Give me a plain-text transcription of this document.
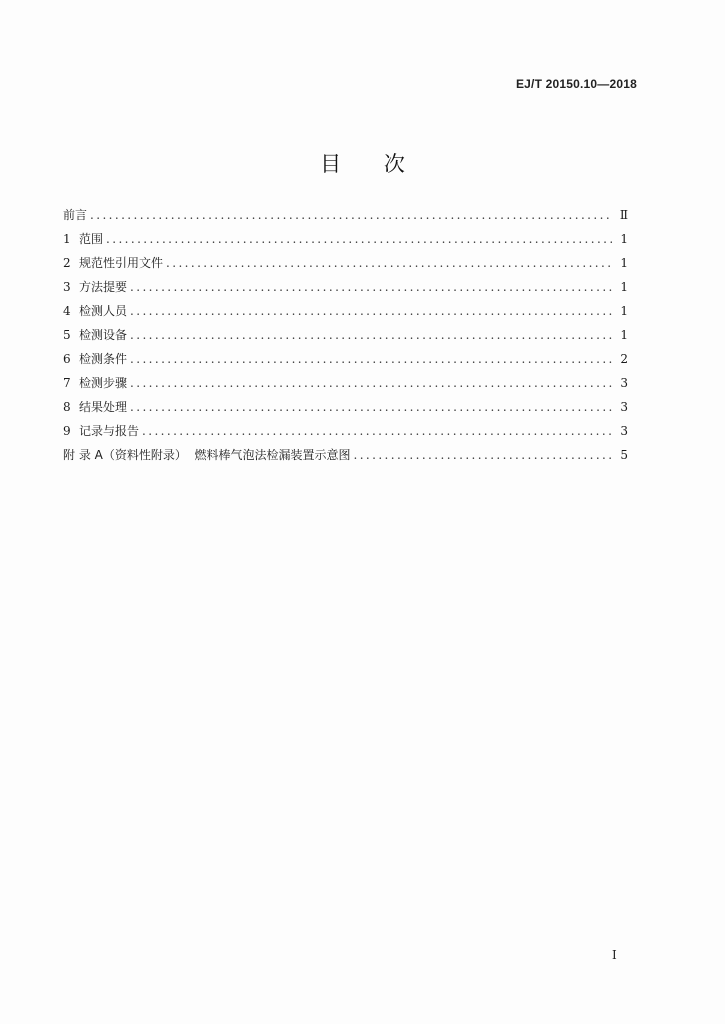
EJ/T 20150.10—2018
目 次
前言 .....	Ⅱ
1 范围 .....	1
2 规范性引用文件 .....	1
3 方法提要 .....	1
4 检测人员 .....	1
5 检测设备 .....	1
6 检测条件 .....	2
7 检测步骤 .....	3
8 结果处理 .....	3
9 记录与报告 .....	3
附 录 A（资料性附录）  燃料棒气泡法检漏装置示意图 .....	5
I
